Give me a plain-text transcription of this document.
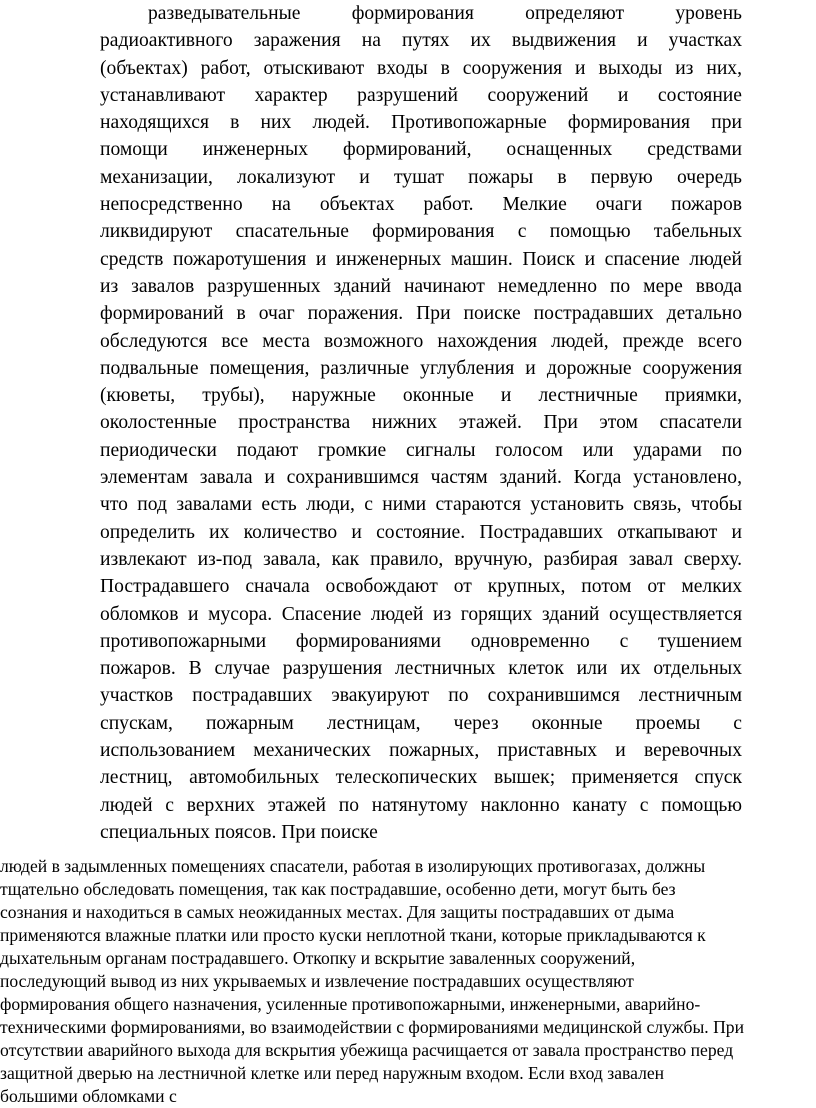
разведывательные формирования определяют уровень
радиоактивного заражения на путях их выдвижения и участках
(объектах) работ, отыскивают входы в сооружения и выходы из них,
устанавливают характер разрушений сооружений и состояние
находящихся в них людей. Противопожарные формирования при
помощи инженерных формирований, оснащенных средствами
механизации, локализуют и тушат пожары в первую очередь
непосредственно на объектах работ. Мелкие очаги пожаров
ликвидируют спасательные формирования с помощью табельных
средств пожаротушения и инженерных машин. Поиск и спасение людей
из завалов разрушенных зданий начинают немедленно по мере ввода
формирований в очаг поражения. При поиске пострадавших детально
обследуются все места возможного нахождения людей, прежде всего
подвальные помещения, различные углубления и дорожные сооружения
(кюветы, трубы), наружные оконные и лестничные приямки,
околостенные пространства нижних этажей. При этом спасатели
периодически подают громкие сигналы голосом или ударами по
элементам завала и сохранившимся частям зданий. Когда установлено,
что под завалами есть люди, с ними стараются установить связь, чтобы
определить их количество и состояние. Пострадавших откапывают и
извлекают из-под завала, как правило, вручную, разбирая завал сверху.
Пострадавшего сначала освобождают от крупных, потом от мелких
обломков и мусора. Спасение людей из горящих зданий осуществляется
противопожарными формированиями одновременно с тушением
пожаров. В случае разрушения лестничных клеток или их отдельных
участков пострадавших эвакуируют по сохранившимся лестничным
спускам, пожарным лестницам, через оконные проемы с
использованием механических пожарных, приставных и веревочных
лестниц, автомобильных телескопических вышек; применяется спуск
людей с верхних этажей по натянутому наклонно канату с помощью
специальных поясов. При поиске
людей в задымленных помещениях спасатели, работая в изолирующих противогазах, должны
тщательно обследовать помещения, так как пострадавшие, особенно дети, могут быть без
сознания и находиться в самых неожиданных местах. Для защиты пострадавших от дыма
применяются влажные платки или просто куски неплотной ткани, которые прикладываются к
дыхательным органам пострадавшего. Откопку и вскрытие заваленных сооружений,
последующий вывод из них укрываемых и извлечение пострадавших осуществляют
формирования общего назначения, усиленные противопожарными, инженерными, аварийно-
техническими формированиями, во взаимодействии с формированиями медицинской службы. При
отсутствии аварийного выхода для вскрытия убежища расчищается от завала пространство перед
защитной дверью на лестничной клетке или перед наружным входом. Если вход завален
большими обломками с
